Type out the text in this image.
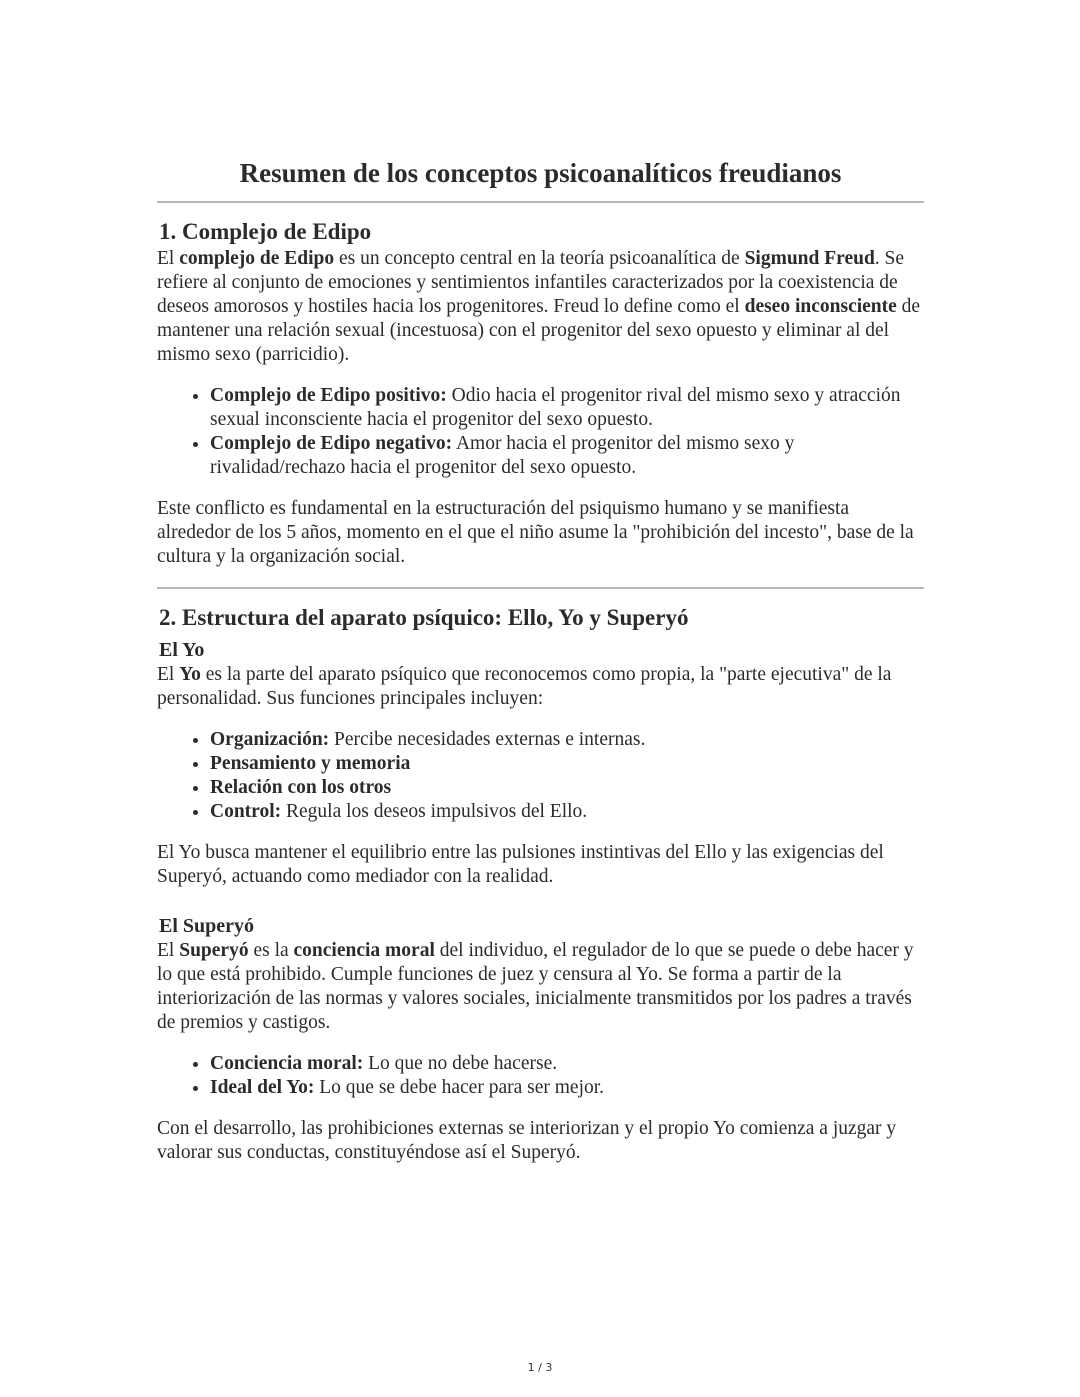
Resumen de los conceptos psicoanalíticos freudianos
1. Complejo de Edipo

El complejo de Edipo es un concepto central en la teoría psicoanalítica de Sigmund Freud. Se refiere al conjunto de emociones y sentimientos infantiles caracterizados por la coexistencia de deseos amorosos y hostiles hacia los progenitores. Freud lo define como el deseo inconsciente de mantener una relación sexual (incestuosa) con el progenitor del sexo opuesto y eliminar al del mismo sexo (parricidio).

• Complejo de Edipo positivo: Odio hacia el progenitor rival del mismo sexo y atracción sexual inconsciente hacia el progenitor del sexo opuesto.
• Complejo de Edipo negativo: Amor hacia el progenitor del mismo sexo y rivalidad/rechazo hacia el progenitor del sexo opuesto.

Este conflicto es fundamental en la estructuración del psiquismo humano y se manifiesta alrededor de los 5 años, momento en el que el niño asume la "prohibición del incesto", base de la cultura y la organización social.

2. Estructura del aparato psíquico: Ello, Yo y Superyó
El Yo

El Yo es la parte del aparato psíquico que reconocemos como propia, la "parte ejecutiva" de la personalidad. Sus funciones principales incluyen:

• Organización: Percibe necesidades externas e internas.
• Pensamiento y memoria
• Relación con los otros
• Control: Regula los deseos impulsivos del Ello.

El Yo busca mantener el equilibrio entre las pulsiones instintivas del Ello y las exigencias del Superyó, actuando como mediador con la realidad.

El Superyó

El Superyó es la conciencia moral del individuo, el regulador de lo que se puede o debe hacer y lo que está prohibido. Cumple funciones de juez y censura al Yo. Se forma a partir de la interiorización de las normas y valores sociales, inicialmente transmitidos por los padres a través de premios y castigos.

• Conciencia moral: Lo que no debe hacerse.
• Ideal del Yo: Lo que se debe hacer para ser mejor.

Con el desarrollo, las prohibiciones externas se interiorizan y el propio Yo comienza a juzgar y valorar sus conductas, constituyéndose así el Superyó.

1 / 3
